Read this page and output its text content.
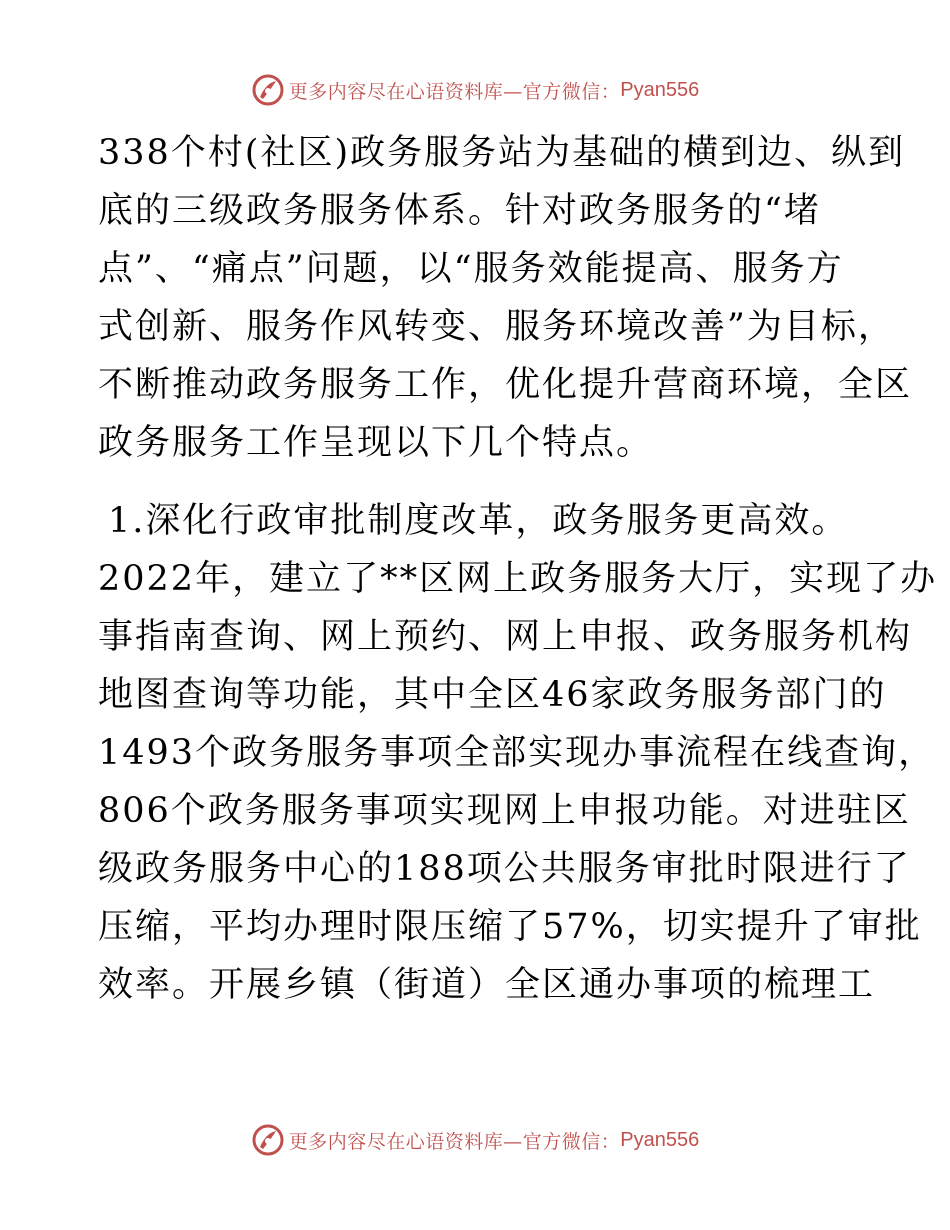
更多内容尽在心语资料库—官方微信： Pyan556
338个村(社区)政务服务站为基础的横到边、纵到
底的三级政务服务体系。针对政务服务的“堵
点”、“痛点”问题，以“服务效能提高、服务方
式创新、服务作风转变、服务环境改善”为目标，
不断推动政务服务工作，优化提升营商环境，全区
政务服务工作呈现以下几个特点。
1.深化行政审批制度改革，政务服务更高效。
2022年，建立了**区网上政务服务大厅，实现了办
事指南查询、网上预约、网上申报、政务服务机构
地图查询等功能，其中全区46家政务服务部门的
1493个政务服务事项全部实现办事流程在线查询，
806个政务服务事项实现网上申报功能。对进驻区
级政务服务中心的188项公共服务审批时限进行了
压缩，平均办理时限压缩了57%，切实提升了审批
效率。开展乡镇（街道）全区通办事项的梳理工
更多内容尽在心语资料库—官方微信： Pyan556
